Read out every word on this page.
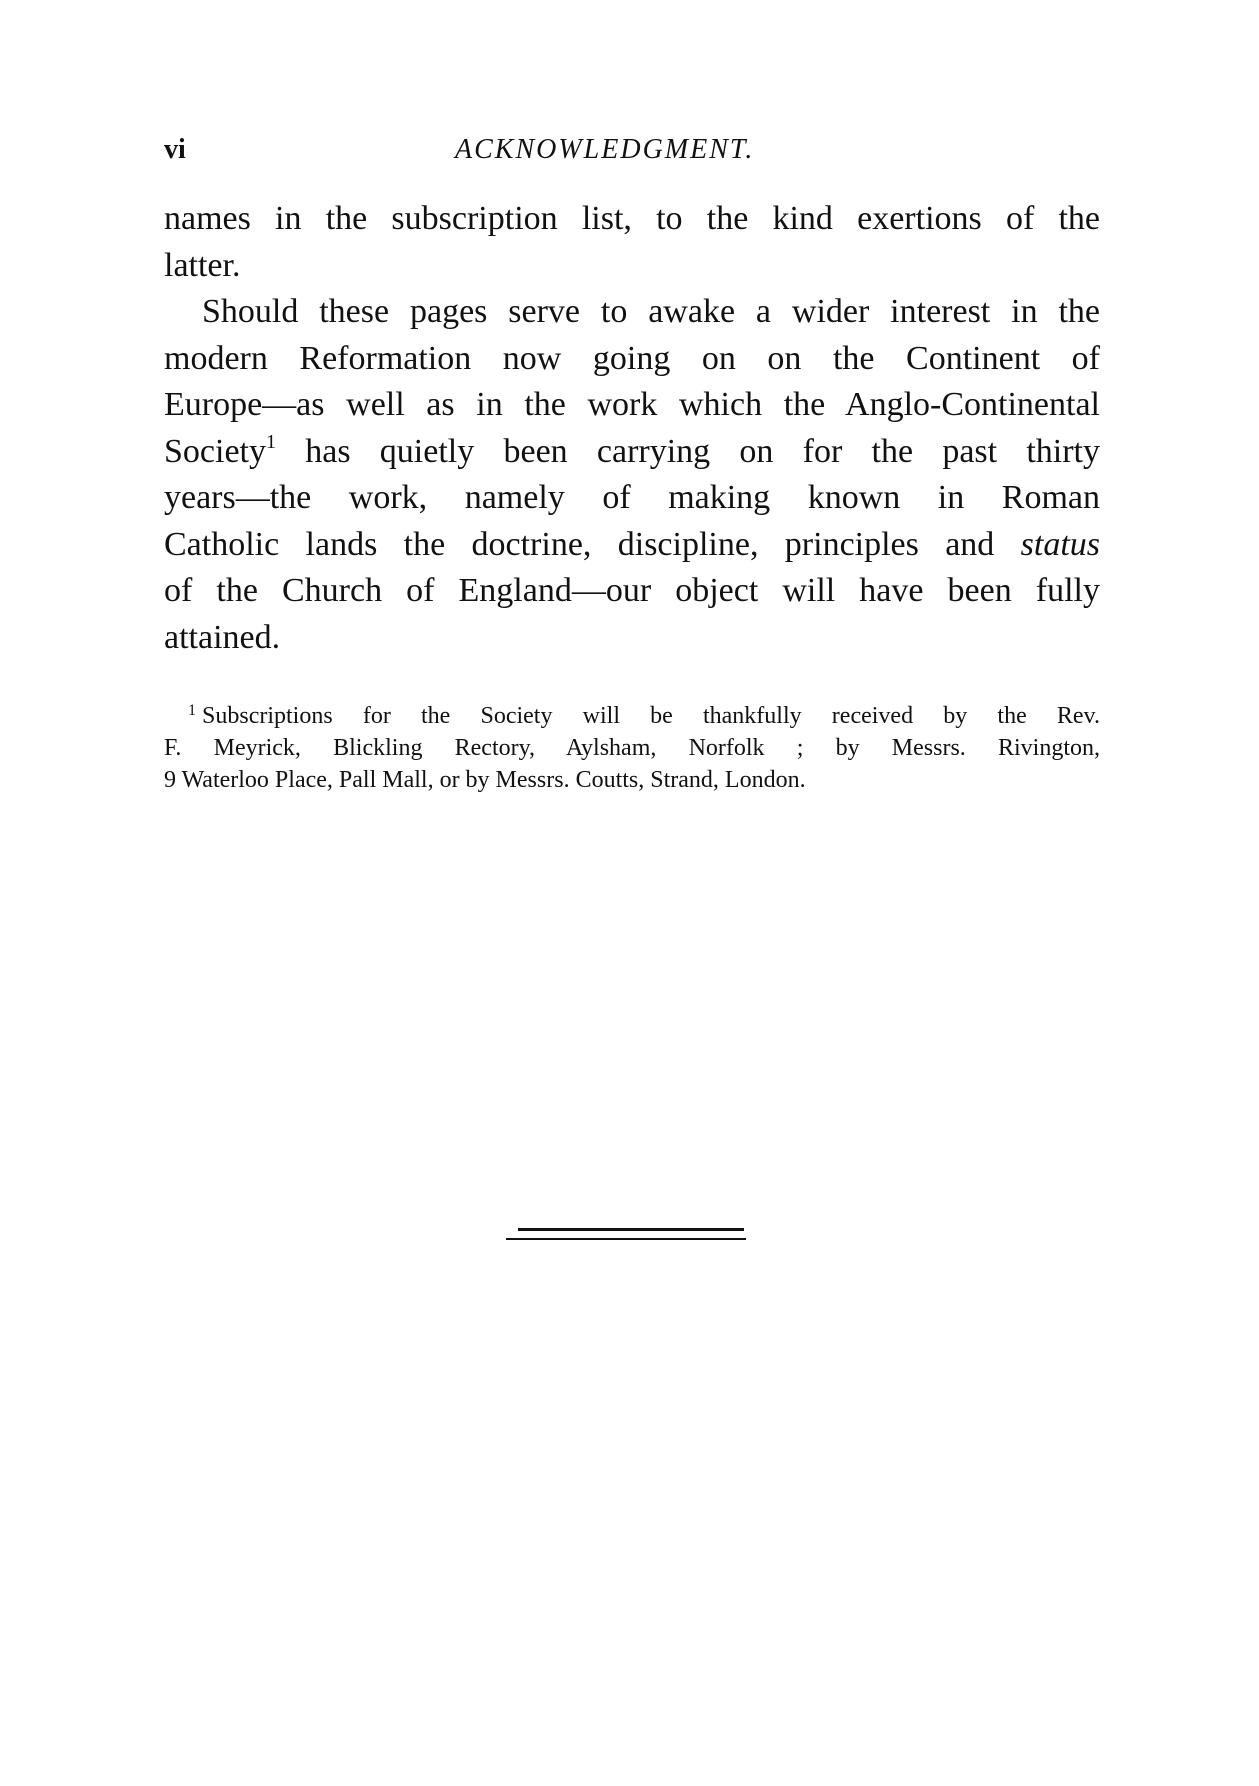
vi	ACKNOWLEDGMENT.
names in the subscription list, to the kind exertions of the
latter.
Should these pages serve to awake a wider interest in the
modern Reformation now going on on the Continent of
Europe—as well as in the work which the Anglo-Continental
Society$^1$ has quietly been carrying on for the past thirty
years—the work, namely of making known in Roman
Catholic lands the doctrine, discipline, principles and status
of the Church of England—our object will have been fully
attained.
$^1$ Subscriptions for the Society will be thankfully received by the Rev.
F. Meyrick, Blickling Rectory, Aylsham, Norfolk ; by Messrs. Rivington,
9 Waterloo Place, Pall Mall, or by Messrs. Coutts, Strand, London.
